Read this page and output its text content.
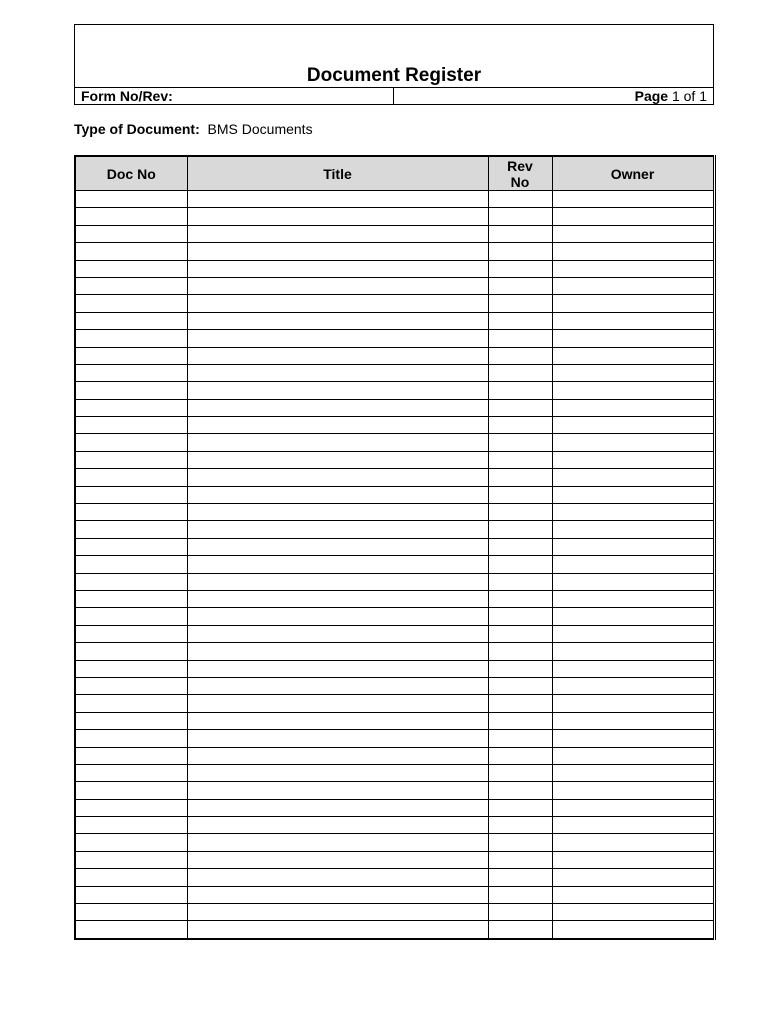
Document Register
Form No/Rev:	Page 1 of 1
Type of Document: BMS Documents
Doc No	Title	Rev No	Owner
